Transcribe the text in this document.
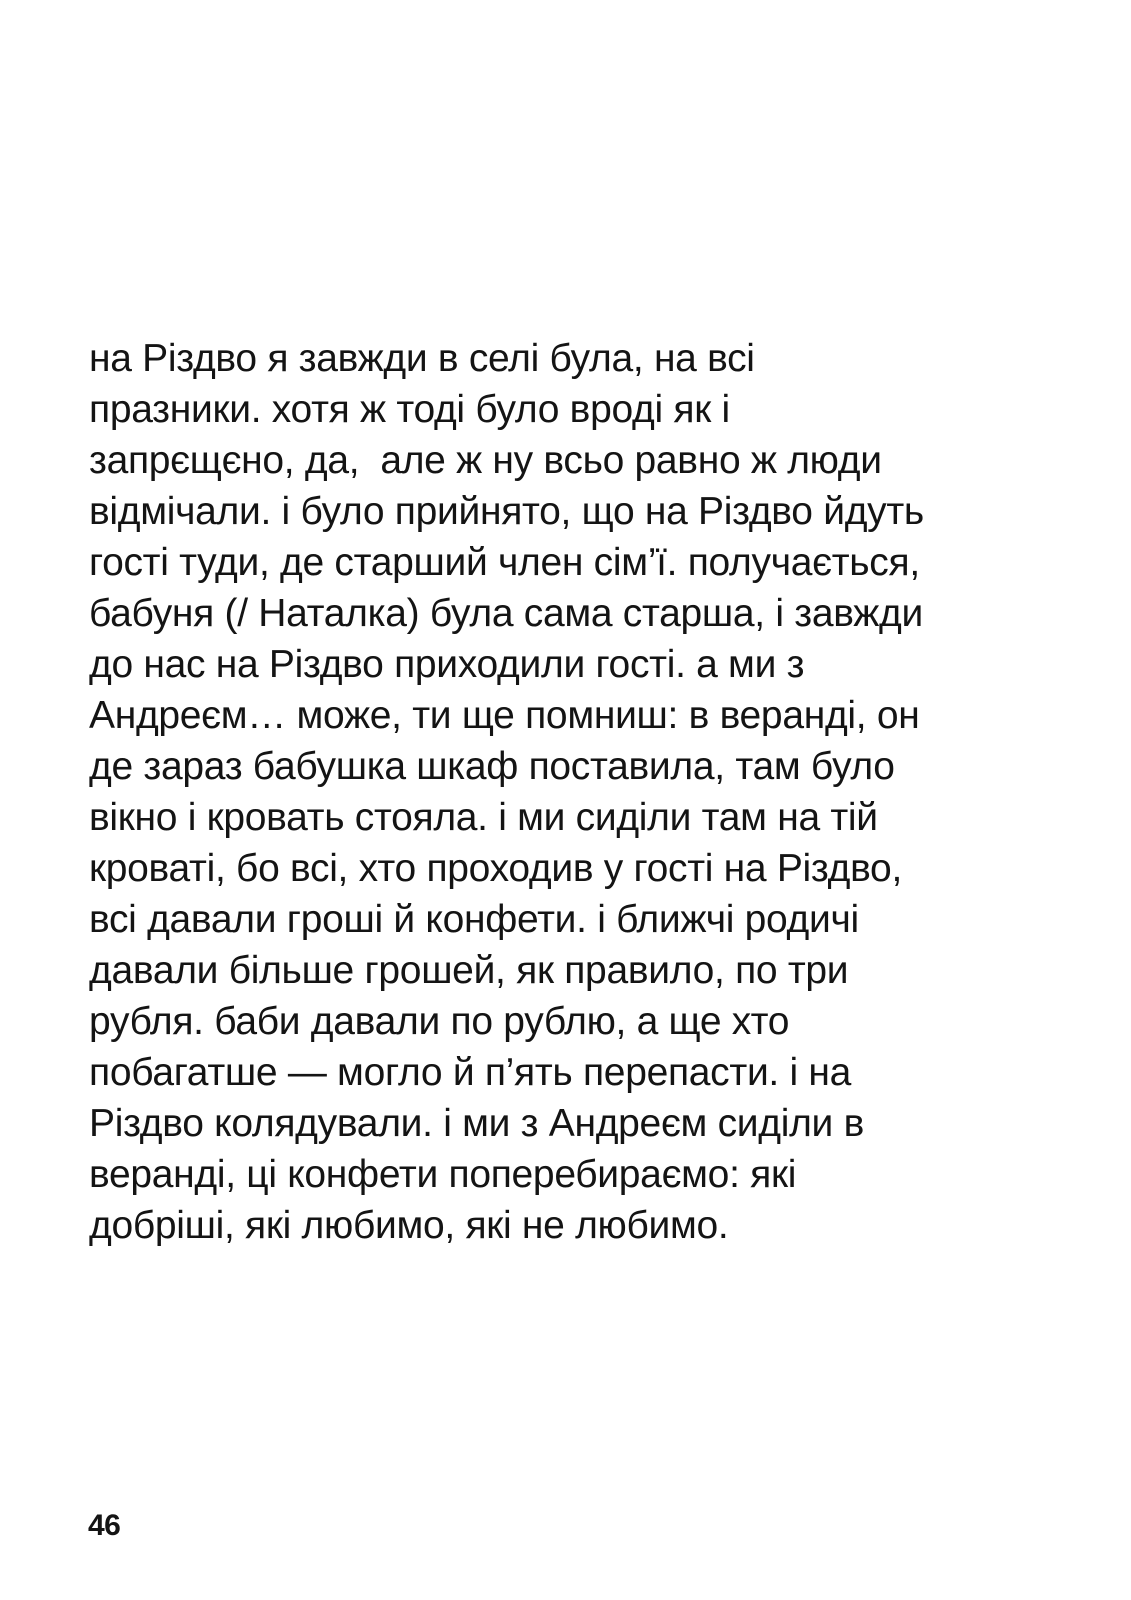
на Різдво я завжди в селі була, на всі
празники. хотя ж тоді було вроді як і
запрєщєно, да,  але ж ну всьо равно ж люди
відмічали. і було прийнято, що на Різдво йдуть
гості туди, де старший член сім’ї. получається,
бабуня (/ Наталка) була сама старша, і завжди
до нас на Різдво приходили гості. а ми з
Андреєм… може, ти ще помниш: в веранді, он
де зараз бабушка шкаф поставила, там було
вікно і кровать стояла. і ми сиділи там на тій
кроваті, бо всі, хто проходив у гості на Різдво,
всі давали гроші й конфети. і ближчі родичі
давали більше грошей, як правило, по три
рубля. баби давали по рублю, а ще хто
побагатше — могло й п’ять перепасти. і на
Різдво колядували. і ми з Андреєм сиділи в
веранді, ці конфети поперебираємо: які
добріші, які любимо, які не любимо.

46
